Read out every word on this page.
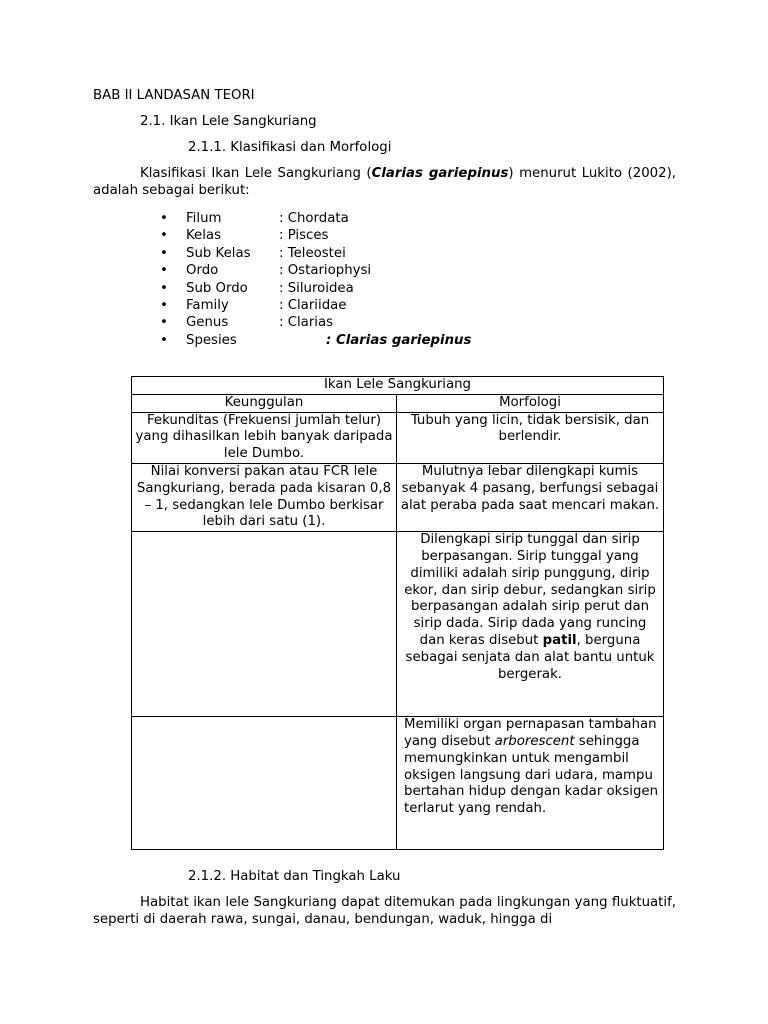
BAB II LANDASAN TEORI
2.1. Ikan Lele Sangkuriang
2.1.1. Klasifikasi dan Morfologi
Klasifikasi Ikan Lele Sangkuriang (Clarias gariepinus) menurut Lukito (2002), adalah sebagai berikut:
• Filum	: Chordata
• Kelas	: Pisces
• Sub Kelas : Teleostei
• Ordo	: Ostariophysi
• Sub Ordo : Siluroidea
• Family	: Clariidae
• Genus	: Clarias
• Spesies	: Clarias gariepinus
Ikan Lele Sangkuriang	
Keunggulan	Morfologi
Fekunditas (Frekuensi jumlah telur) yang dihasilkan lebih banyak daripada lele Dumbo.	Tubuh yang licin, tidak bersisik, dan berlendir.
Nilai konversi pakan atau FCR lele Sangkuriang, berada pada kisaran 0,8 – 1, sedangkan lele Dumbo berkisar lebih dari satu (1).	Mulutnya lebar dilengkapi kumis sebanyak 4 pasang, berfungsi sebagai alat peraba pada saat mencari makan.
	Dilengkapi sirip tunggal dan sirip berpasangan. Sirip tunggal yang dimiliki adalah sirip punggung, dirip ekor, dan sirip debur, sedangkan sirip berpasangan adalah sirip perut dan sirip dada. Sirip dada yang runcing dan keras disebut patil, berguna sebagai senjata dan alat bantu untuk bergerak.
	Memiliki organ pernapasan tambahan yang disebut arborescent sehingga memungkinkan untuk mengambil oksigen langsung dari udara, mampu bertahan hidup dengan kadar oksigen terlarut yang rendah.
2.1.2. Habitat dan Tingkah Laku
Habitat ikan lele Sangkuriang dapat ditemukan pada lingkungan yang fluktuatif, seperti di daerah rawa, sungai, danau, bendungan, waduk, hingga di
